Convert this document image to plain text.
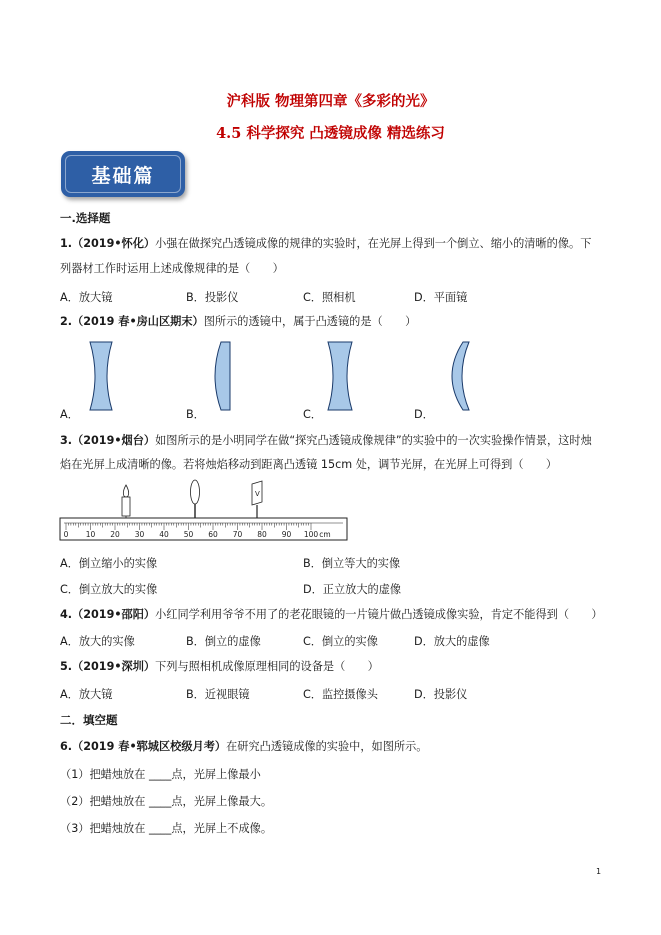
沪科版 物理第四章《多彩的光》
4.5 科学探究 凸透镜成像 精选练习
基础篇
一.选择题
1.（2019•怀化）小强在做探究凸透镜成像的规律的实验时，在光屏上得到一个倒立、缩小的清晰的像。下
列器材工作时运用上述成像规律的是（　　）
A．放大镜	B．投影仪	C．照相机	D．平面镜
2.（2019 春•房山区期末）图所示的透镜中，属于凸透镜的是（　　）
A．	B．	C．	D．
3.（2019•烟台）如图所示的是小明同学在做“探究凸透镜成像规律”的实验中的一次实验操作情景，这时烛
焰在光屏上成清晰的像。若将烛焰移动到距离凸透镜 15cm 处，调节光屏，在光屏上可得到（　　）
V
0 10 20 30 40 50 60 70 80 90 100 cm
A．倒立缩小的实像	B．倒立等大的实像
C．倒立放大的实像	D．正立放大的虚像
4.（2019•邵阳）小红同学利用爷爷不用了的老花眼镜的一片镜片做凸透镜成像实验，肯定不能得到（　　）
A．放大的实像	B．倒立的虚像	C．倒立的实像	D．放大的虚像
5.（2019•深圳）下列与照相机成像原理相同的设备是（　　）
A．放大镜	B．近视眼镜	C．监控摄像头	D．投影仪
二．填空题
6.（2019 春•郓城区校级月考）在研究凸透镜成像的实验中，如图所示。
（1）把蜡烛放在 ____点，光屏上像最小
（2）把蜡烛放在 ____点，光屏上像最大。
（3）把蜡烛放在 ____点，光屏上不成像。
1
